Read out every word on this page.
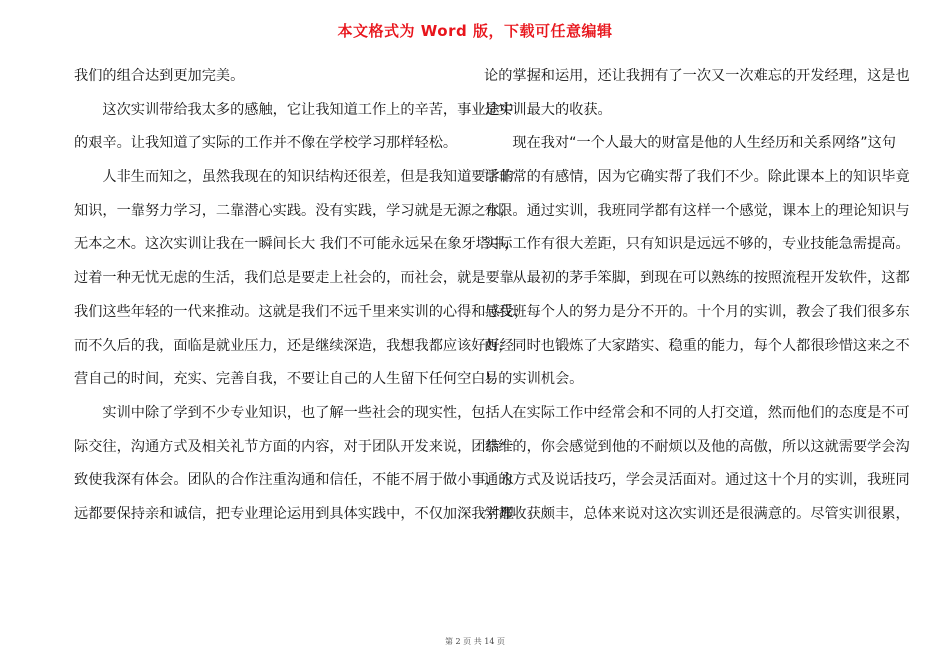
本文格式为 Word 版，下载可任意编辑
我们的组合达到更加完美。
　　这次实训带给我太多的感触，它让我知道工作上的辛苦，事业途中
的艰辛。让我知道了实际的工作并不像在学校学习那样轻松。
　　人非生而知之，虽然我现在的知识结构还很差，但是我知道要学的
知识，一靠努力学习，二靠潜心实践。没有实践，学习就是无源之水，
无本之木。这次实训让我在一瞬间长大 我们不可能永远呆在象牙塔中，
过着一种无忧无虑的生活，我们总是要走上社会的，而社会，就是要靠
我们这些年轻的一代来推动。这就是我们不远千里来实训的心得和感受，
而不久后的我，面临是就业压力，还是继续深造，我想我都应该好好经
营自己的时间，充实、完善自我，不要让自己的人生留下任何空白!
　　实训中除了学到不少专业知识，也了解一些社会的现实性，包括人
际交往，沟通方式及相关礼节方面的内容，对于团队开发来说，团结一
致使我深有体会。团队的合作注重沟通和信任，不能不屑于做小事，永
远都要保持亲和诚信，把专业理论运用到具体实践中，不仅加深我对理
论的掌握和运用，还让我拥有了一次又一次难忘的开发经理，这是也
是实训最大的收获。
　　现在我对“一个人最大的财富是他的人生经历和关系网络”这句
话非常的有感情，因为它确实帮了我们不少。除此课本上的知识毕竟
有限。通过实训，我班同学都有这样一个感觉，课本上的理论知识与
实际工作有很大差距，只有知识是远远不够的，专业技能急需提高。
　　从最初的茅手笨脚，到现在可以熟练的按照流程开发软件，这都
与我班每个人的努力是分不开的。十个月的实训，教会了我们很多东
西，同时也锻炼了大家踏实、稳重的能力，每个人都很珍惜这来之不
易的实训机会。
　　在实际工作中经常会和不同的人打交道，然而他们的态度是不可
恭维的，你会感觉到他的不耐烦以及他的高傲，所以这就需要学会沟
通的方式及说话技巧，学会灵活面对。通过这十个月的实训，我班同
学都收获颇丰，总体来说对这次实训还是很满意的。尽管实训很累，
第 2 页 共 14 页
